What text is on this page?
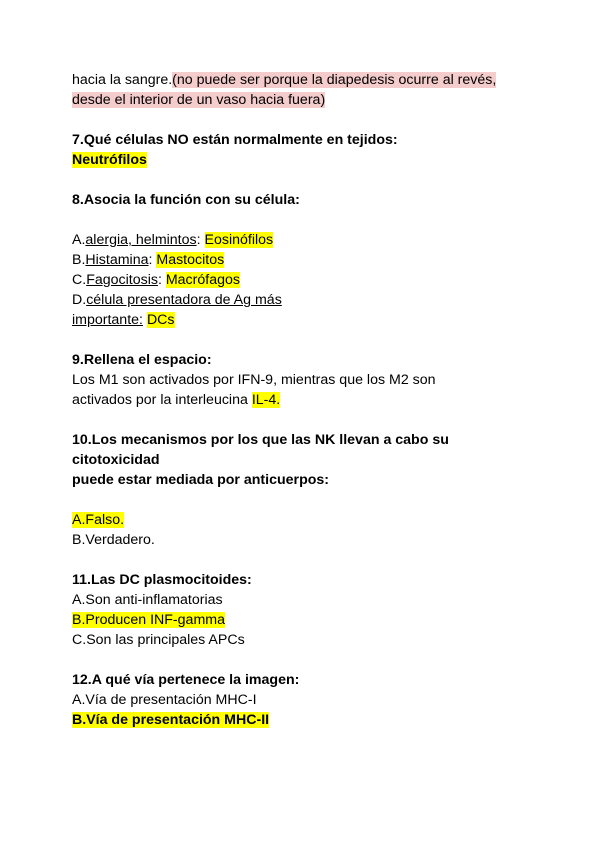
hacia la sangre.(no puede ser porque la diapedesis ocurre al revés,
desde el interior de un vaso hacia fuera)
7.Qué células NO están normalmente en tejidos:
Neutrófilos
8.Asocia la función con su célula:
A.alergia, helmintos: Eosinófilos
B.Histamina: Mastocitos
C.Fagocitosis: Macrófagos
D.célula presentadora de Ag más
importante: DCs
9.Rellena el espacio:
Los M1 son activados por IFN-9, mientras que los M2 son
activados por la interleucina IL-4.
10.Los mecanismos por los que las NK llevan a cabo su
citotoxicidad
puede estar mediada por anticuerpos:
A.Falso.
B.Verdadero.
11.Las DC plasmocitoides:
A.Son anti-inflamatorias
B.Producen INF-gamma
C.Son las principales APCs
12.A qué vía pertenece la imagen:
A.Vía de presentación MHC-I
B.Vía de presentación MHC-II
